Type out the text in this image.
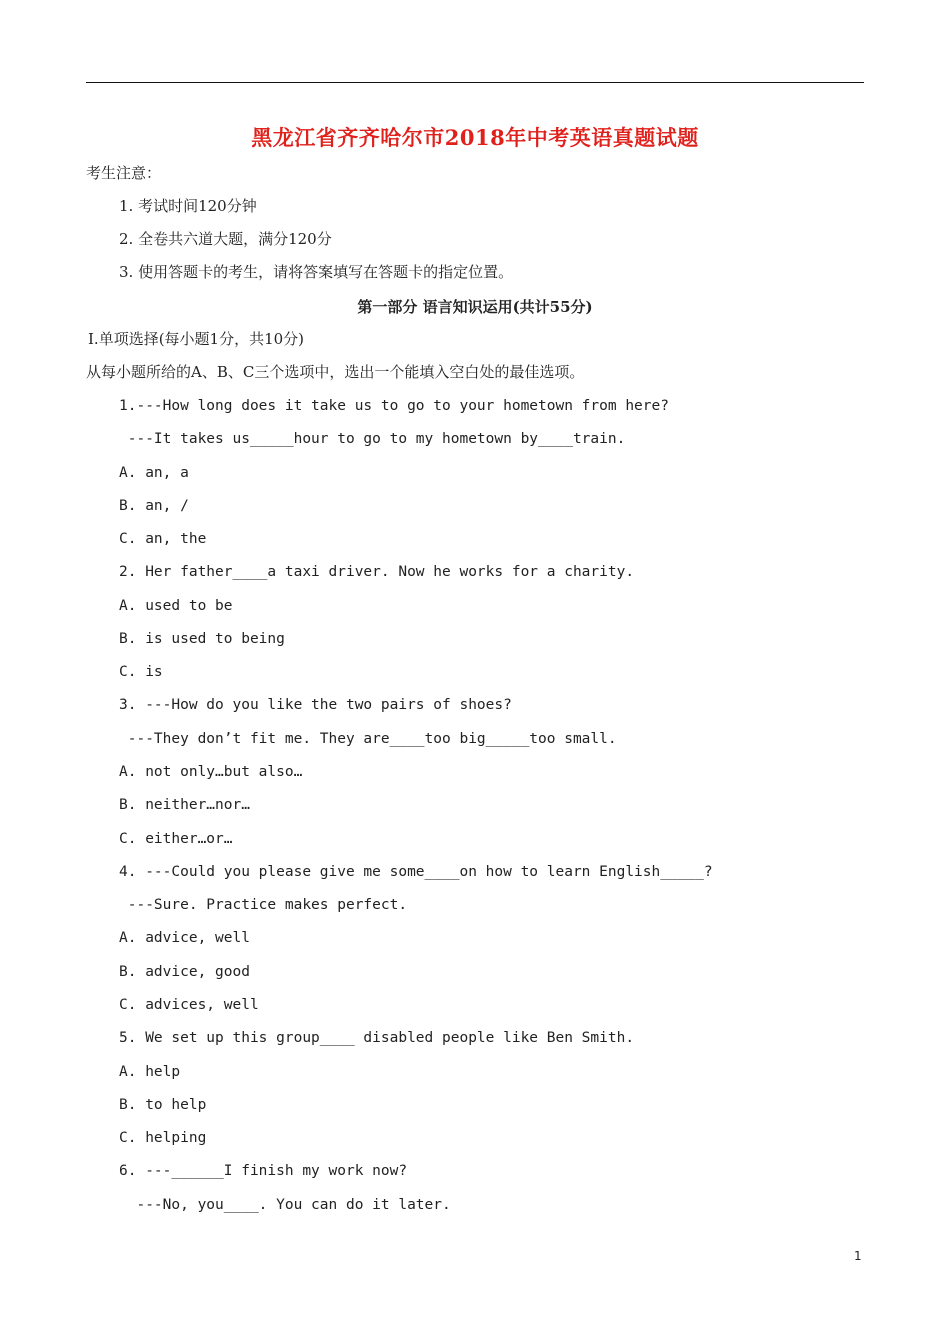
黑龙江省齐齐哈尔市2018年中考英语真题试题
考生注意：
1. 考试时间120分钟
2. 全卷共六道大题，满分120分
3. 使用答题卡的考生，请将答案填写在答题卡的指定位置。
第一部分 语言知识运用(共计55分)
Ⅰ.单项选择(每小题1分，共10分)
从每小题所给的A、B、C三个选项中，选出一个能填入空白处的最佳选项。
1.---How long does it take us to go to your hometown from here?
---It takes us_____hour to go to my hometown by____train.
A. an, a
B. an, /
C. an, the
2. Her father____a taxi driver. Now he works for a charity.
A. used to be
B. is used to being
C. is
3. ---How do you like the two pairs of shoes?
---They don’t fit me. They are____too big_____too small.
A. not only…but also…
B. neither…nor…
C. either…or…
4. ---Could you please give me some____on how to learn English_____?
---Sure. Practice makes perfect.
A. advice, well
B. advice, good
C. advices, well
5. We set up this group____ disabled people like Ben Smith.
A. help
B. to help
C. helping
6. ---______I finish my work now?
---No, you____. You can do it later.
1
